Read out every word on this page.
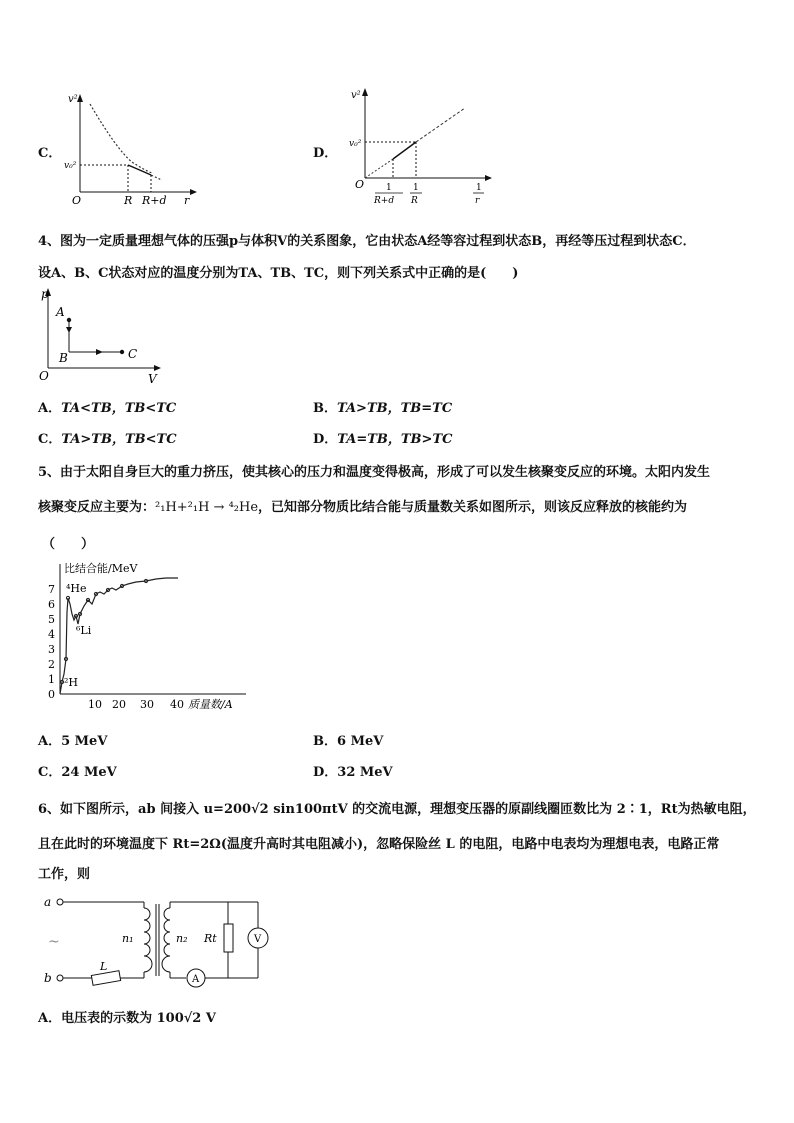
C．
v²
v₀²
O	R R+d r
D．
v²
v₀²
O 1
R+d
1
R
1
r
4、图为一定质量理想气体的压强p与体积V的关系图象，它由状态A经等容过程到状态B，再经等压过程到状态C．
设A、B、C状态对应的温度分别为TA、TB、TC，则下列关系式中正确的是(　　)
p
V
O
A
B	C
A．TA<TB，TB<TC	B．TA>TB，TB=TC
C．TA>TB，TB<TC	D．TA=TB，TB>TC
5、由于太阳自身巨大的重力挤压，使其核心的压力和温度变得极高，形成了可以发生核聚变反应的环境。太阳内发生
核聚变反应主要为：²₁H+²₁H → ⁴₂He，已知部分物质比结合能与质量数关系如图所示，则该反应释放的核能约为
（　　）
0
1
2
3
4
5
6
7
10 20 30 40 质量数/A
比结合能/MeV
⁴He
⁶Li
²H
A．5 MeV	B．6 MeV
C．24 MeV	D．32 MeV
6、如下图所示，ab 间接入 u=200√2 sin100πtV 的交流电源，理想变压器的原副线圈匝数比为 2∶1，Rt为热敏电阻，
且在此时的环境温度下 Rt=2Ω(温度升高时其电阻减小)，忽略保险丝 L 的电阻，电路中电表均为理想电表，电路正常
工作，则
a
b
~
L
n₁	n₂
A
Rt	V
A．电压表的示数为 100√2 V
